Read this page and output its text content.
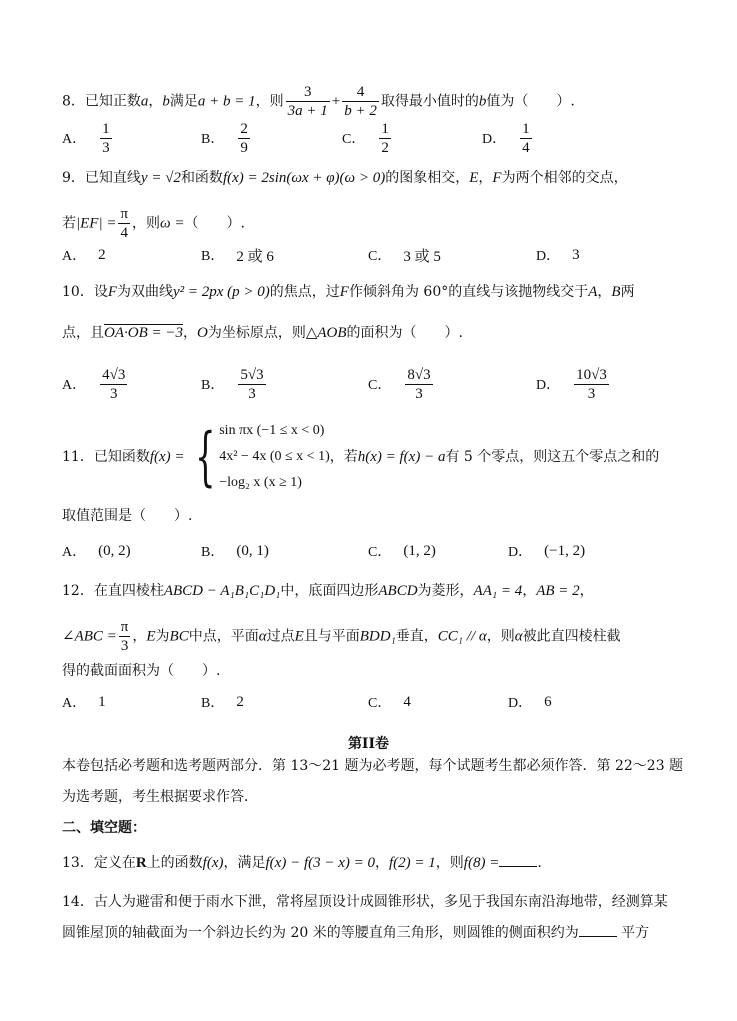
8．已知正数a，b满足a + b = 1，则 $\frac{3}{3a + 1} + \frac{4}{b + 2}$ 取得最小值时的b值为（　　）.
A． $\frac{1}{3}$	B． $\frac{2}{9}$	C． $\frac{1}{2}$	D． $\frac{1}{4}$
9．已知直线y = √2和函数f(x) = 2sin(ωx + φ)(ω > 0)的图象相交，E，F为两个相邻的交点，
若$|EF| = \frac{\pi}{4}$ ，则ω =（　　）.
A． 2	B． 2 或 6	C． 3 或 5	D． 3
10．设F为双曲线y² = 2px (p > 0)的焦点，过F作倾斜角为 60°的直线与该抛物线交于A，B两
点，且OA·OB = −3，O为坐标原点，则△AOB的面积为（　　）.
A． $\frac{4√3}{3}$	B． $\frac{5√3}{3}$	C． $\frac{8√3}{3}$	D． $\frac{10√3}{3}$
11．已知函数 f(x) = { sin πx (−1 ≤ x < 0)
4x² − 4x (0 ≤ x < 1)
−log₂ x (x ≥ 1)
，若 h(x) = f(x) − a 有 5 个零点，则这五个零点之和的
取值范围是（　　）.
A． (0, 2)	B． (0, 1)	C． (1, 2)	D． (−1, 2)
12．在直四棱柱ABCD − A₁B₁C₁D₁中，底面四边形ABCD为菱形，AA₁ = 4，AB = 2，
∠ABC = $\frac{\pi}{3}$ ，E为BC中点，平面α过点E且与平面BDD₁垂直，CC₁ // α，则α被此直四棱柱截
得的截面面积为（　　）.
A． 1	B． 2	C． 4	D． 6
第II卷
本卷包括必考题和选考题两部分．第 13～21 题为必考题，每个试题考生都必须作答．第 22～23 题
为选考题，考生根据要求作答．
二、填空题：
13．定义在R上的函数f(x)，满足f(x) − f(3 − x) = 0，f(2) = 1，则f(8) =	.
14．古人为避雷和便于雨水下泄，常将屋顶设计成圆锥形状，多见于我国东南沿海地带，经测算某
圆锥屋顶的轴截面为一个斜边长约为 20 米的等腰直角三角形，则圆锥的侧面积约为	平方
